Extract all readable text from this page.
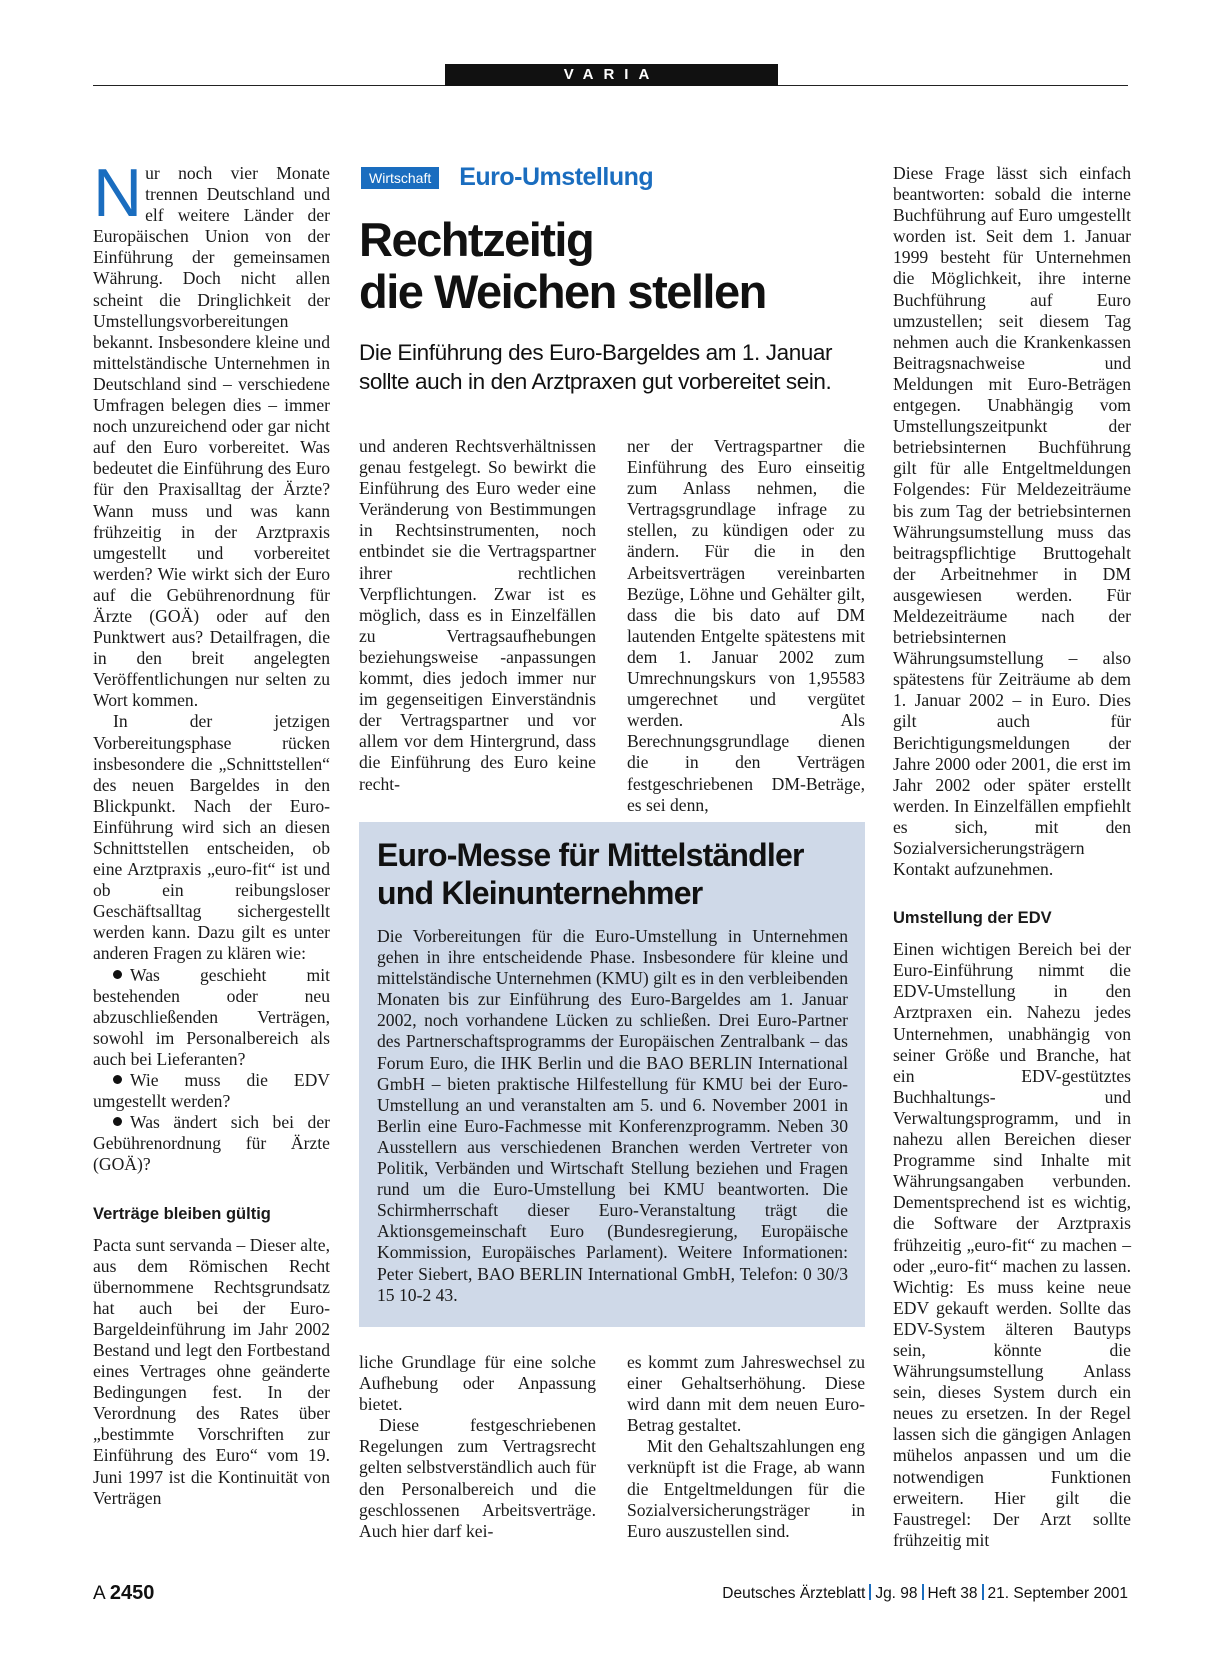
VARIA

Nur noch vier Monate trennen Deutschland und elf weitere Länder der Europäischen Union von der Einführung der gemeinsamen Währung. Doch nicht allen scheint die Dringlichkeit der Umstellungsvorbereitungen bekannt. Insbesondere kleine und mittelständische Unternehmen in Deutschland sind – verschiedene Umfragen belegen dies – immer noch unzureichend oder gar nicht auf den Euro vorbereitet. Was bedeutet die Einführung des Euro für den Praxisalltag der Ärzte? Wann muss und was kann frühzeitig in der Arztpraxis umgestellt und vorbereitet werden? Wie wirkt sich der Euro auf die Gebührenordnung für Ärzte (GOÄ) oder auf den Punktwert aus? Detailfragen, die in den breit angelegten Veröffentlichungen nur selten zu Wort kommen.

In der jetzigen Vorbereitungsphase rücken insbesondere die „Schnittstellen“ des neuen Bargeldes in den Blickpunkt. Nach der Euro-Einführung wird sich an diesen Schnittstellen entscheiden, ob eine Arztpraxis „euro-fit“ ist und ob ein reibungsloser Geschäftsalltag sichergestellt werden kann. Dazu gilt es unter anderen Fragen zu klären wie:

Was geschieht mit bestehenden oder neu abzuschließenden Verträgen, sowohl im Personalbereich als auch bei Lieferanten?

Wie muss die EDV umgestellt werden?

Was ändert sich bei der Gebührenordnung für Ärzte (GOÄ)?

Verträge bleiben gültig

Pacta sunt servanda – Dieser alte, aus dem Römischen Recht übernommene Rechtsgrundsatz hat auch bei der Euro-Bargeldeinführung im Jahr 2002 Bestand und legt den Fortbestand eines Vertrages ohne geänderte Bedingungen fest. In der Verordnung des Rates über „bestimmte Vorschriften zur Einführung des Euro“ vom 19. Juni 1997 ist die Kontinuität von Verträgen

Wirtschaft Euro-Umstellung
Rechtzeitig
die Weichen stellen
Die Einführung des Euro-Bargeldes am 1. Januar
sollte auch in den Arztpraxen gut vorbereitet sein.

und anderen Rechtsverhältnissen genau festgelegt. So bewirkt die Einführung des Euro weder eine Veränderung von Bestimmungen in Rechtsinstrumenten, noch entbindet sie die Vertragspartner ihrer rechtlichen Verpflichtungen. Zwar ist es möglich, dass es in Einzelfällen zu Vertragsaufhebungen beziehungsweise -anpassungen kommt, dies jedoch immer nur im gegenseitigen Einverständnis der Vertragspartner und vor allem vor dem Hintergrund, dass die Einführung des Euro keine recht-

liche Grundlage für eine solche Aufhebung oder Anpassung bietet.

Diese festgeschriebenen Regelungen zum Vertragsrecht gelten selbstverständlich auch für den Personalbereich und die geschlossenen Arbeitsverträge. Auch hier darf kei-

ner der Vertragspartner die Einführung des Euro einseitig zum Anlass nehmen, die Vertragsgrundlage infrage zu stellen, zu kündigen oder zu ändern. Für die in den Arbeitsverträgen vereinbarten Bezüge, Löhne und Gehälter gilt, dass die bis dato auf DM lautenden Entgelte spätestens mit dem 1. Januar 2002 zum Umrechnungskurs von 1,95583 umgerechnet und vergütet werden. Als Berechnungsgrundlage dienen die in den Verträgen festgeschriebenen DM-Beträge, es sei denn,

es kommt zum Jahreswechsel zu einer Gehaltserhöhung. Diese wird dann mit dem neuen Euro-Betrag gestaltet.

Mit den Gehaltszahlungen eng verknüpft ist die Frage, ab wann die Entgeltmeldungen für die Sozialversicherungsträger in Euro auszustellen sind.

Euro-Messe für Mittelständler
und Kleinunternehmer
Die Vorbereitungen für die Euro-Umstellung in Unternehmen gehen in ihre entscheidende Phase. Insbesondere für kleine und mittelständische Unternehmen (KMU) gilt es in den verbleibenden Monaten bis zur Einführung des Euro-Bargeldes am 1. Januar 2002, noch vorhandene Lücken zu schließen. Drei Euro-Partner des Partnerschaftsprogramms der Europäischen Zentralbank – das Forum Euro, die IHK Berlin und die BAO BERLIN International GmbH – bieten praktische Hilfestellung für KMU bei der Euro-Umstellung an und veranstalten am 5. und 6. November 2001 in Berlin eine Euro-Fachmesse mit Konferenzprogramm. Neben 30 Ausstellern aus verschiedenen Branchen werden Vertreter von Politik, Verbänden und Wirtschaft Stellung beziehen und Fragen rund um die Euro-Umstellung bei KMU beantworten. Die Schirmherrschaft dieser Euro-Veranstaltung trägt die Aktionsgemeinschaft Euro (Bundesregierung, Europäische Kommission, Europäisches Parlament). Weitere Informationen: Peter Siebert, BAO BERLIN International GmbH, Telefon: 0 30/3 15 10-2 43.

Diese Frage lässt sich einfach beantworten: sobald die interne Buchführung auf Euro umgestellt worden ist. Seit dem 1. Januar 1999 besteht für Unternehmen die Möglichkeit, ihre interne Buchführung auf Euro umzustellen; seit diesem Tag nehmen auch die Krankenkassen Beitragsnachweise und Meldungen mit Euro-Beträgen entgegen. Unabhängig vom Umstellungszeitpunkt der betriebsinternen Buchführung gilt für alle Entgeltmeldungen Folgendes: Für Meldezeiträume bis zum Tag der betriebsinternen Währungsumstellung muss das beitragspflichtige Bruttogehalt der Arbeitnehmer in DM ausgewiesen werden. Für Meldezeiträume nach der betriebsinternen Währungsumstellung – also spätestens für Zeiträume ab dem 1. Januar 2002 – in Euro. Dies gilt auch für Berichtigungsmeldungen der Jahre 2000 oder 2001, die erst im Jahr 2002 oder später erstellt werden. In Einzelfällen empfiehlt es sich, mit den Sozialversicherungsträgern Kontakt aufzunehmen.

Umstellung der EDV

Einen wichtigen Bereich bei der Euro-Einführung nimmt die EDV-Umstellung in den Arztpraxen ein. Nahezu jedes Unternehmen, unabhängig von seiner Größe und Branche, hat ein EDV-gestütztes Buchhaltungs- und Verwaltungsprogramm, und in nahezu allen Bereichen dieser Programme sind Inhalte mit Währungsangaben verbunden. Dementsprechend ist es wichtig, die Software der Arztpraxis frühzeitig „euro-fit“ zu machen – oder „euro-fit“ machen zu lassen. Wichtig: Es muss keine neue EDV gekauft werden. Sollte das EDV-System älteren Bautyps sein, könnte die Währungsumstellung Anlass sein, dieses System durch ein neues zu ersetzen. In der Regel lassen sich die gängigen Anlagen mühelos anpassen und um die notwendigen Funktionen erweitern. Hier gilt die Faustregel: Der Arzt sollte frühzeitig mit

A 2450	Deutsches Ärzteblatt Jg. 98 Heft 38 21. September 2001
